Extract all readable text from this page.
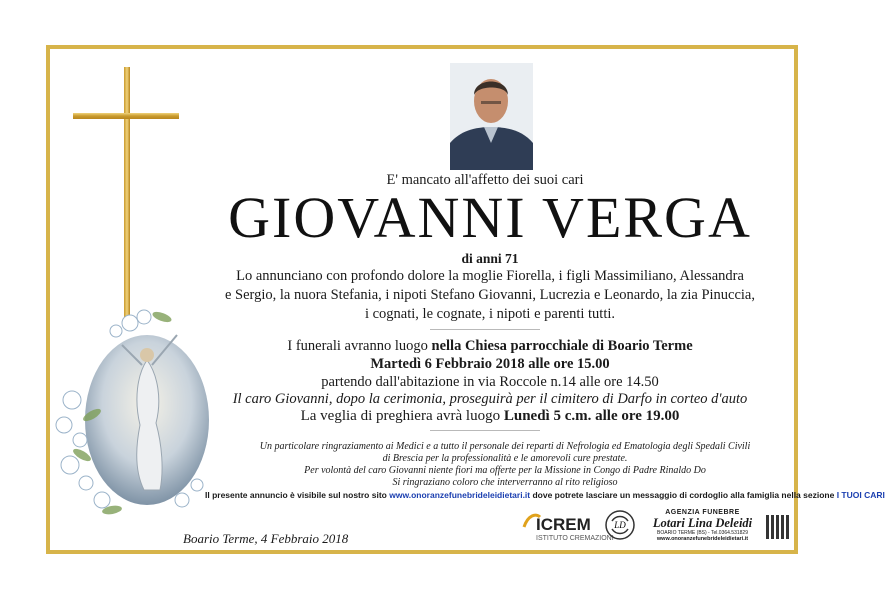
E' mancato all'affetto dei suoi cari
GIOVANNI VERGA
di anni 71
Lo annunciano con profondo dolore la moglie Fiorella, i figli Massimiliano, Alessandra
e Sergio, la nuora Stefania, i nipoti Stefano Giovanni, Lucrezia e Leonardo, la zia Pinuccia,
i cognati, le cognate, i nipoti e parenti tutti.
I funerali avranno luogo nella Chiesa parrocchiale di Boario Terme
Martedì 6 Febbraio 2018 alle ore 15.00
partendo dall'abitazione in via Roccole n.14 alle ore 14.50
Il caro Giovanni, dopo la cerimonia, proseguirà per il cimitero di Darfo in corteo d'auto
La veglia di preghiera avrà luogo Lunedì 5 c.m. alle ore 19.00
Un particolare ringraziamento ai Medici e a tutto il personale dei reparti di Nefrologia ed Ematologia degli Spedali Civili
di Brescia per la professionalità e le amorevoli cure prestate.
Per volontà del caro Giovanni niente fiori ma offerte per la Missione in Congo di Padre Rinaldo Do
Si ringraziano coloro che interverranno al rito religioso
Il presente annuncio è visibile sul nostro sito www.onoranzefunebrideleidietari.it dove potrete lasciare un messaggio di cordoglio alla famiglia nella sezione I TUOI CARI
Boario Terme, 4 Febbraio 2018
ICREM
ISTITUTO CREMAZIONI
LD
AGENZIA FUNEBRE
Lotari Lina Deleidi
BOARIO TERME (BS) - Tel.0364.531829
www.onoranzefunebrideleidietari.it
